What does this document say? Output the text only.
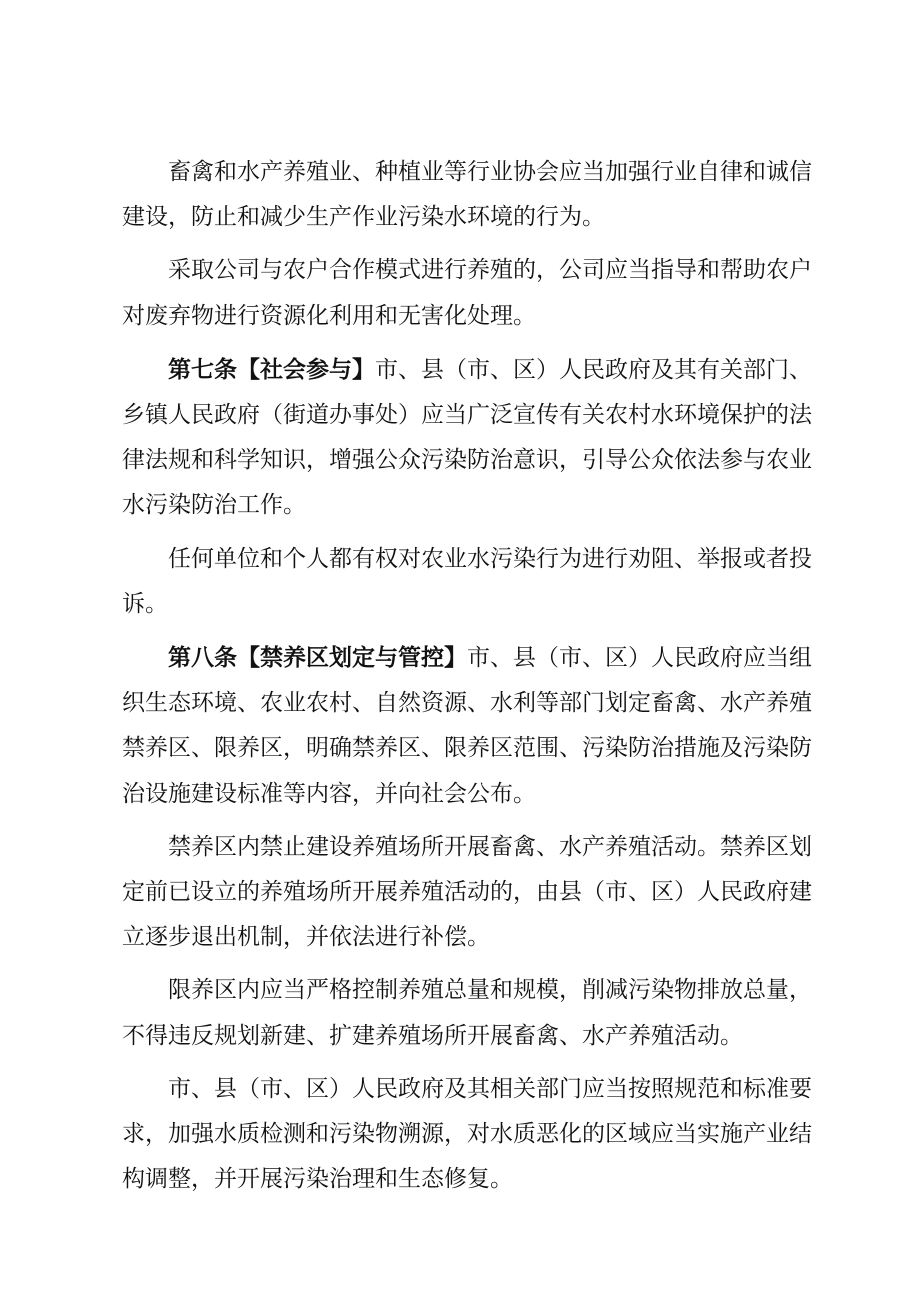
畜禽和水产养殖业、种植业等行业协会应当加强行业自律和诚信建设，防止和减少生产作业污染水环境的行为。

采取公司与农户合作模式进行养殖的，公司应当指导和帮助农户对废弃物进行资源化利用和无害化处理。

第七条【社会参与】市、县（市、区）人民政府及其有关部门、乡镇人民政府（街道办事处）应当广泛宣传有关农村水环境保护的法律法规和科学知识，增强公众污染防治意识，引导公众依法参与农业水污染防治工作。

任何单位和个人都有权对农业水污染行为进行劝阻、举报或者投诉。

第八条【禁养区划定与管控】市、县（市、区）人民政府应当组织生态环境、农业农村、自然资源、水利等部门划定畜禽、水产养殖禁养区、限养区，明确禁养区、限养区范围、污染防治措施及污染防治设施建设标准等内容，并向社会公布。

禁养区内禁止建设养殖场所开展畜禽、水产养殖活动。禁养区划定前已设立的养殖场所开展养殖活动的，由县（市、区）人民政府建立逐步退出机制，并依法进行补偿。

限养区内应当严格控制养殖总量和规模，削减污染物排放总量，不得违反规划新建、扩建养殖场所开展畜禽、水产养殖活动。

市、县（市、区）人民政府及其相关部门应当按照规范和标准要求，加强水质检测和污染物溯源，对水质恶化的区域应当实施产业结构调整，并开展污染治理和生态修复。
